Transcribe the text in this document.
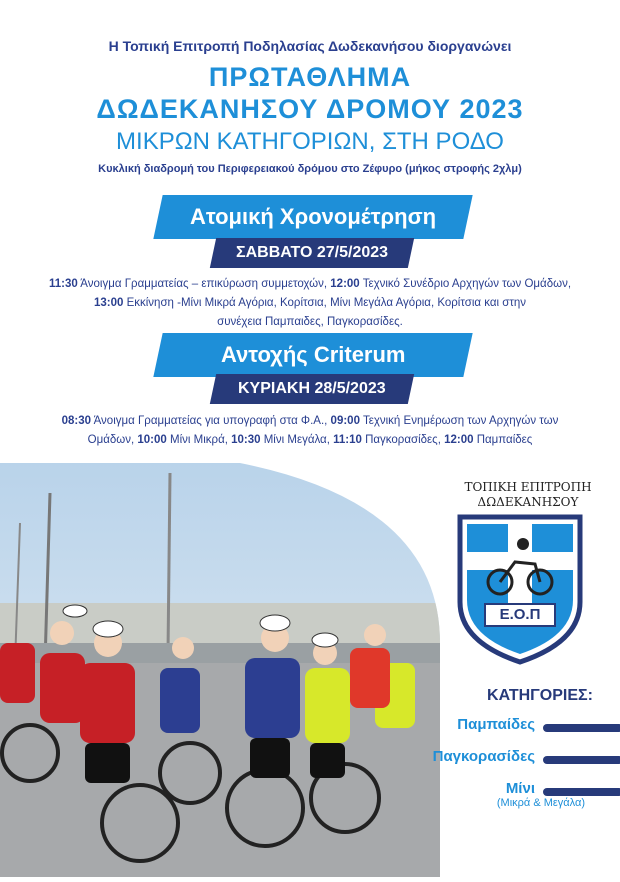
Η Τοπική Επιτροπή Ποδηλασίας Δωδεκανήσου διοργανώνει
ΠΡΩΤΑΘΛΗΜΑ
ΔΩΔΕΚΑΝΗΣΟΥ ΔΡΟΜΟΥ 2023
ΜΙΚΡΩΝ ΚΑΤΗΓΟΡΙΩΝ, ΣΤΗ ΡΟΔΟ
Κυκλική διαδρομή του Περιφερειακού δρόμου στο Ζέφυρο (μήκος στροφής 2χλμ)
Ατομική Χρονομέτρηση
ΣΑΒΒΑΤΟ 27/5/2023
11:30 Άνοιγμα Γραμματείας – επικύρωση συμμετοχών, 12:00 Τεχνικό Συνέδριο Αρχηγών των Ομάδων,
13:00 Εκκίνηση -Μίνι Μικρά Αγόρια, Κορίτσια, Μίνι Μεγάλα Αγόρια, Κορίτσια και στην
συνέχεια Παμπαιδες, Παγκορασίδες.
Αντοχής Criterum
ΚΥΡΙΑΚΗ 28/5/2023
08:30 Άνοιγμα Γραμματείας για υπογραφή στα Φ.Α., 09:00 Τεχνική Ενημέρωση των Αρχηγών των
Ομάδων, 10:00 Μίνι Μικρά, 10:30 Μίνι Μεγάλα, 11:10 Παγκορασίδες, 12:00 Παμπαίδες
ΤΟΠΙΚΗ ΕΠΙΤΡΟΠΗ
ΔΩΔΕΚΑΝΗΣΟΥ
Ε.Ο.Π
ΚΑΤΗΓΟΡΙΕΣ:
Παμπαίδες
Παγκορασίδες
Μίνι
(Μικρά & Μεγάλα)
